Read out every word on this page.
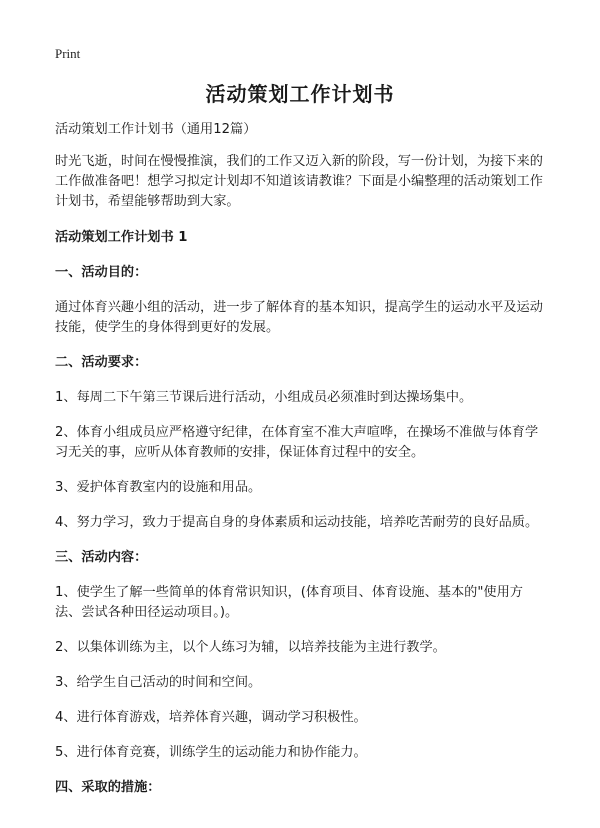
Print
活动策划工作计划书

活动策划工作计划书（通用12篇）

时光飞逝，时间在慢慢推演，我们的工作又迈入新的阶段，写一份计划，为接下来的工作做准备吧！想学习拟定计划却不知道该请教谁？下面是小编整理的活动策划工作计划书，希望能够帮助到大家。

活动策划工作计划书 1

一、活动目的：

通过体育兴趣小组的活动，进一步了解体育的基本知识，提高学生的运动水平及运动技能，使学生的身体得到更好的发展。

二、活动要求：

1、每周二下午第三节课后进行活动，小组成员必须准时到达操场集中。

2、体育小组成员应严格遵守纪律，在体育室不准大声喧哗，在操场不准做与体育学习无关的事，应听从体育教师的安排，保证体育过程中的安全。

3、爱护体育教室内的设施和用品。

4、努力学习，致力于提高自身的身体素质和运动技能，培养吃苦耐劳的良好品质。

三、活动内容：

1、使学生了解一些简单的体育常识知识，(体育项目、体育设施、基本的"使用方法、尝试各种田径运动项目。)。

2、以集体训练为主，以个人练习为辅，以培养技能为主进行教学。

3、给学生自己活动的时间和空间。

4、进行体育游戏，培养体育兴趣，调动学习积极性。

5、进行体育竞赛，训练学生的运动能力和协作能力。

四、采取的措施：
